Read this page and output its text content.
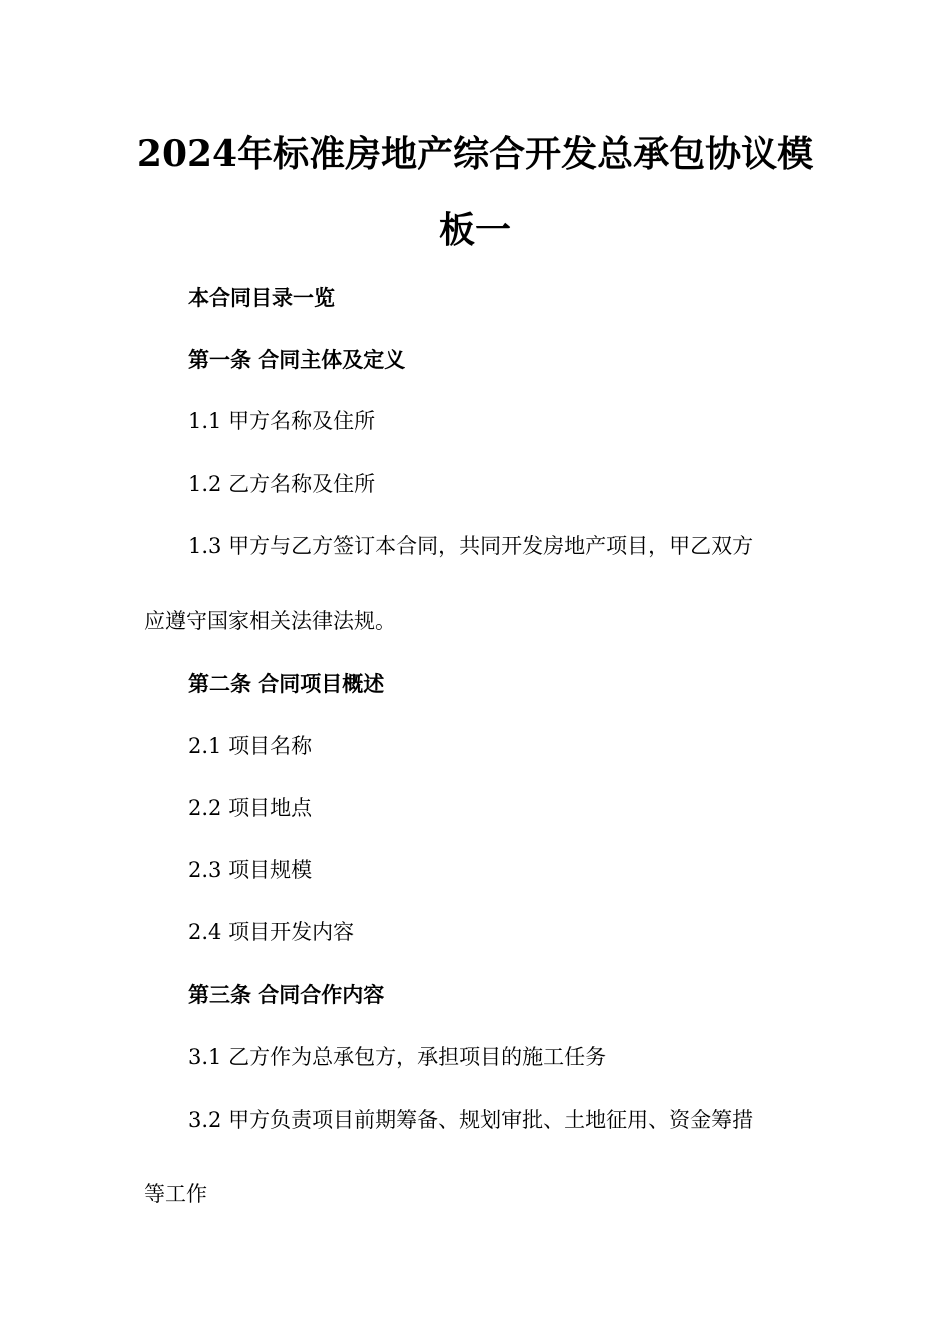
2024年标准房地产综合开发总承包协议模
板一

本合同目录一览

第一条 合同主体及定义

1.1 甲方名称及住所

1.2 乙方名称及住所

1.3 甲方与乙方签订本合同，共同开发房地产项目，甲乙双方

应遵守国家相关法律法规。

第二条 合同项目概述

2.1 项目名称

2.2 项目地点

2.3 项目规模

2.4 项目开发内容

第三条 合同合作内容

3.1 乙方作为总承包方，承担项目的施工任务

3.2 甲方负责项目前期筹备、规划审批、土地征用、资金筹措

等工作
